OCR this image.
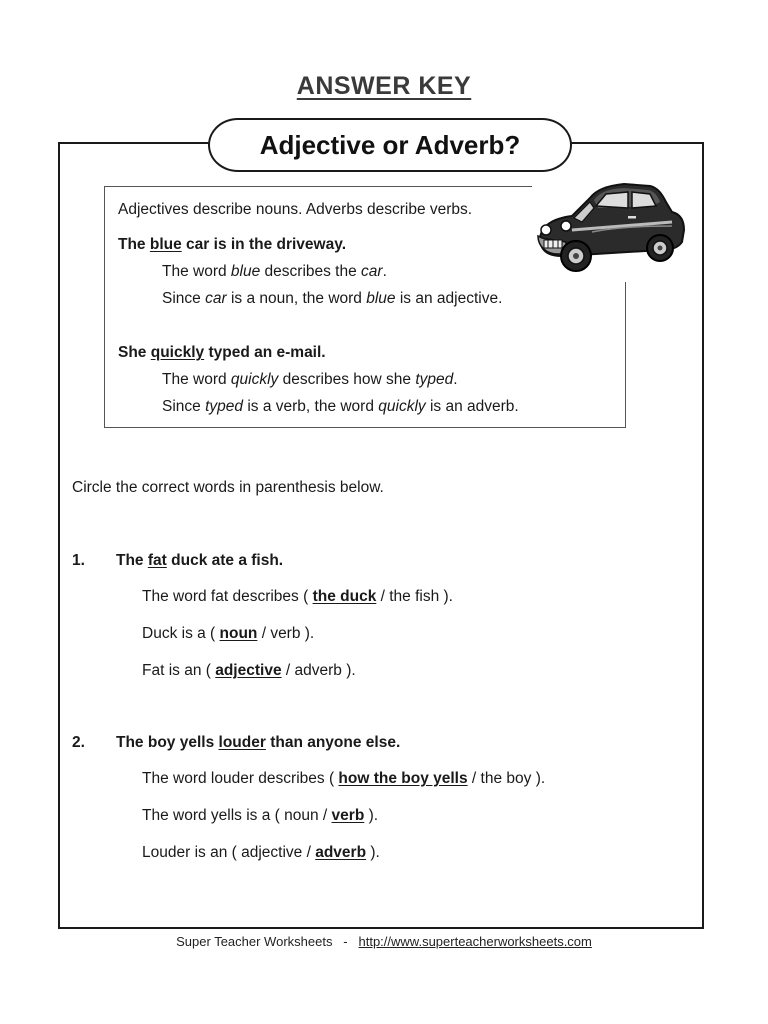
ANSWER KEY
Adjective or Adverb?
Adjectives describe nouns. Adverbs describe verbs.
The blue car is in the driveway.
The word blue describes the car.
Since car is a noun, the word blue is an adjective.
She quickly typed an e-mail.
The word quickly describes how she typed.
Since typed is a verb, the word quickly is an adverb.
Circle the correct words in parenthesis below.
1. The fat duck ate a fish.
The word fat describes ( the duck / the fish ).
Duck is a ( noun / verb ).
Fat is an ( adjective / adverb ).
2. The boy yells louder than anyone else.
The word louder describes ( how the boy yells / the boy ).
The word yells is a ( noun / verb ).
Louder is an ( adjective / adverb ).
Super Teacher Worksheets - http://www.superteacherworksheets.com
